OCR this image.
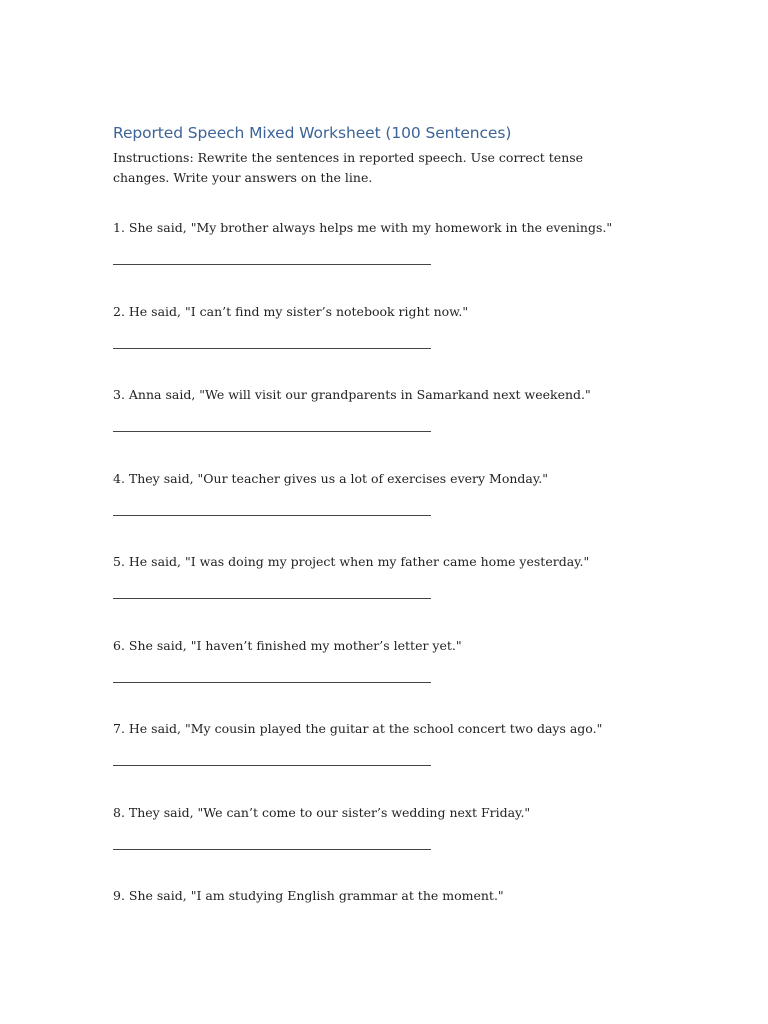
Reported Speech Mixed Worksheet (100 Sentences)

Instructions: Rewrite the sentences in reported speech. Use correct tense changes. Write your answers on the line.

1. She said, "My brother always helps me with my homework in the evenings."

2. He said, "I can’t find my sister’s notebook right now."

3. Anna said, "We will visit our grandparents in Samarkand next weekend."

4. They said, "Our teacher gives us a lot of exercises every Monday."

5. He said, "I was doing my project when my father came home yesterday."

6. She said, "I haven’t finished my mother’s letter yet."

7. He said, "My cousin played the guitar at the school concert two days ago."

8. They said, "We can’t come to our sister’s wedding next Friday."

9. She said, "I am studying English grammar at the moment."
